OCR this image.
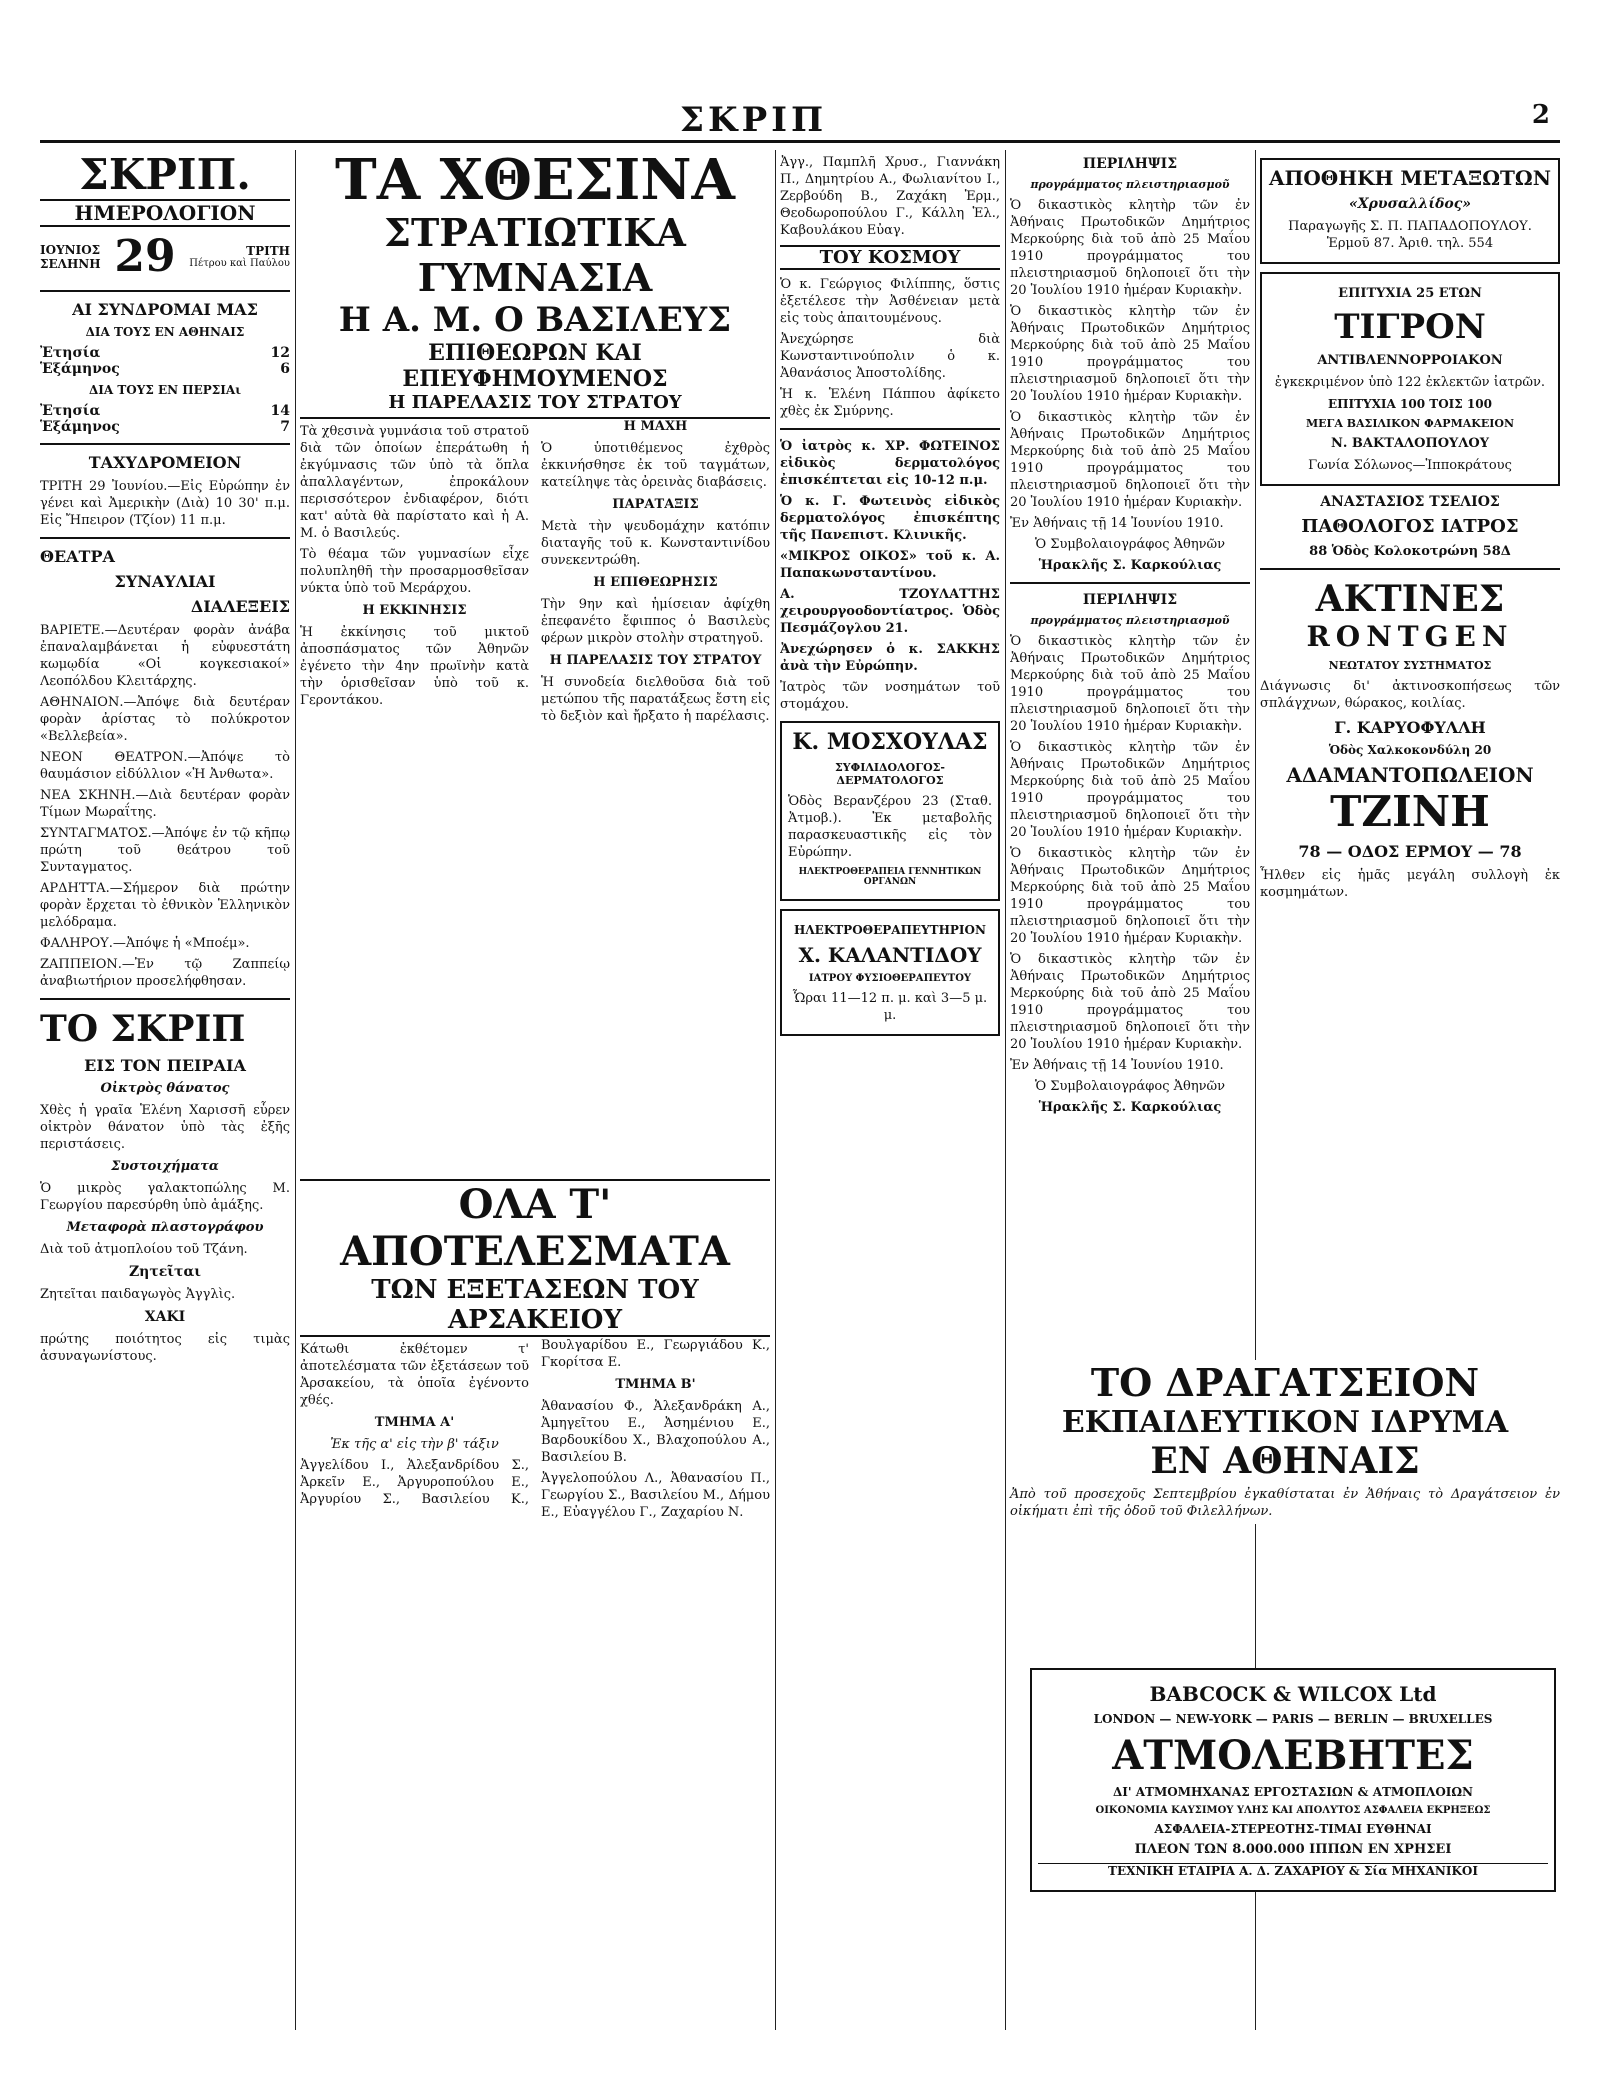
ΣΚΡΙΠ	2
ΣΚΡΙΠ.
ΗΜΕΡΟΛΟΓΙΟΝ
ΙΟΥΝΙΟΣ
ΣΕΛΗΝΗ 29	ΤΡΙΤΗ
Πέτρου καὶ Παύλου
ΑΙ ΣΥΝΔΡΟΜΑΙ ΜΑΣ
ΔΙΑ ΤΟΥΣ ΕΝ ΑΘΗΝΑΙΣ
Ἐτησία	12
Ἑξάμηνος	6
ΔΙΑ ΤΟΥΣ ΕΝ ΠΕΡΣΙΑι
Ἐτησία	14
Ἑξάμηνος	7
ΤΑΧΥΔΡΟΜΕΙΟΝ
ΤΡΙΤΗ 29 Ἰουνίου.—Εἰς Εὐρώπην ἐν γένει καὶ Ἀμερικὴν (Διὰ) 10 30' π.μ. Εἰς Ἤπειρον (Τζίον) 11 π.μ.
ΘΕΑΤΡΑ
ΣΥΝΑΥΛΙΑΙ
ΔΙΑΛΕΞΕΙΣ
ΒΑΡΙΕΤΕ.—Δευτέραν φορὰν ἀνάβα ἐπαναλαμβάνεται ἡ εὐφυεστάτη κωμῳδία «Οἱ κογκεσιακοί» Λεοπόλδου Κλειτάρχης.
ΑΘΗΝΑΙΟΝ.—Ἀπόψε διὰ δευτέραν φορὰν ἀρίστας τὸ πολύκροτον «Βελλεβεία».
ΝΕΟΝ ΘΕΑΤΡΟΝ.—Ἀπόψε τὸ θαυμάσιον εἰδύλλιον «Ἡ Ἀνθωτα».
ΝΕΑ ΣΚΗΝΗ.—Διὰ δευτέραν φορὰν Τίμων Μωραΐτης.
ΣΥΝΤΑΓΜΑΤΟΣ.—Ἀπόψε ἐν τῷ κῆπῳ πρώτη τοῦ θεάτρου τοῦ Συνταγματος.
ΑΡΔΗΤΤΑ.—Σήμερον διὰ πρώτην φορὰν ἔρχεται τὸ ἐθνικὸν Ἑλληνικὸν μελόδραμα.
ΦΑΛΗΡΟΥ.—Ἀπόψε ἡ «Μποέμ».
ΖΑΠΠΕΙΟΝ.—Ἐν τῷ Ζαππείῳ ἀναβιωτήριον προσελήφθησαν.
ΤΟ ΣΚΡΙΠ
ΕΙΣ ΤΟΝ ΠΕΙΡΑΙΑ
Οἰκτρὸς θάνατος
Χθὲς ἡ γραῖα Ἑλένη Χαρισσῆ εὗρεν οἰκτρὸν θάνατον ὑπὸ τὰς ἐξῆς περιστάσεις.
Συστοιχήματα
Ὁ μικρὸς γαλακτοπώλης Μ. Γεωργίου παρεσύρθη ὑπὸ ἁμάξης.
Μεταφορὰ πλαστογράφου
Διὰ τοῦ ἀτμοπλοίου τοῦ Τζάνη.
Ζητεῖται
Ζητεῖται παιδαγωγὸς Ἀγγλὶς.
ΧΑΚΙ
πρώτης ποιότητος εἰς τιμὰς ἀσυναγωνίστους.
ΤΑ ΧΘΕΣΙΝΑ
ΣΤΡΑΤΙΩΤΙΚΑ ΓΥΜΝΑΣΙΑ
Η Α. Μ. Ο ΒΑΣΙΛΕΥΣ
ΕΠΙΘΕΩΡΩΝ ΚΑΙ ΕΠΕΥΦΗΜΟΥΜΕΝΟΣ
Η ΠΑΡΕΛΑΣΙΣ ΤΟΥ ΣΤΡΑΤΟΥ
Τὰ χθεσινὰ γυμνάσια τοῦ στρατοῦ διὰ τῶν ὁποίων ἐπεράτωθη ἡ ἐκγύμνασις τῶν ὑπὸ τὰ ὅπλα ἀπαλλαγέντων, ἐπροκάλουν περισσότερον ἐνδιαφέρον, διότι κατ' αὐτὰ θὰ παρίστατο καὶ ἡ Α. Μ. ὁ Βασιλεύς.
Τὸ θέαμα τῶν γυμνασίων εἶχε πολυπληθῆ τὴν προσαρμοσθεῖσαν νύκτα ὑπὸ τοῦ Μεράρχου.
Η ΕΚΚΙΝΗΣΙΣ
Ἡ ἐκκίνησις τοῦ μικτοῦ ἀποσπάσματος τῶν Ἀθηνῶν ἐγένετο τὴν 4ην πρωϊνὴν κατὰ τὴν ὁρισθεῖσαν ὑπὸ τοῦ κ. Γεροντάκου.
Η ΜΑΧΗ
Ὁ ὑποτιθέμενος ἐχθρὸς ἐκκινήσθησε ἐκ τοῦ ταγμάτων, κατείληψε τὰς ὀρεινὰς διαβάσεις.
ΠΑΡΑΤΑΞΙΣ
Μετὰ τὴν ψευδομάχην κατόπιν διαταγῆς τοῦ κ. Κωνσταντινίδου συνεκεντρώθη.
Η ΕΠΙΘΕΩΡΗΣΙΣ
Τὴν 9ην καὶ ἡμίσειαν ἀφίχθη ἐπεφανέτο ἔφιππος ὁ Βασιλεὺς φέρων μικρὸν στολὴν στρατηγοῦ.
Η ΠΑΡΕΛΑΣΙΣ ΤΟΥ ΣΤΡΑΤΟΥ
Ἡ συνοδεία διελθοῦσα διὰ τοῦ μετώπου τῆς παρατάξεως ἔστη εἰς τὸ δεξιὸν καὶ ἤρξατο ἡ παρέλασις.
ΟΛΑ Τ' ΑΠΟΤΕΛΕΣΜΑΤΑ
ΤΩΝ ΕΞΕΤΑΣΕΩΝ ΤΟΥ ΑΡΣΑΚΕΙΟΥ
Κάτωθι ἐκθέτομεν τ' ἀποτελέσματα τῶν ἐξετάσεων τοῦ Ἀρσακείου, τὰ ὁποῖα ἐγένοντο χθές.
ΤΜΗΜΑ Α'
Ἐκ τῆς α' εἰς τὴν β' τάξιν
Ἀγγελίδου Ι., Ἀλεξανδρίδου Σ., Ἀρκεῖν Ε., Ἀργυροπούλου Ε., Ἀργυρίου Σ., Βασιλείου Κ., Βουλγαρίδου Ε., Γεωργιάδου Κ., Γκορίτσα Ε.
ΤΜΗΜΑ Β'
Ἀθανασίου Φ., Ἀλεξανδράκη Α., Ἀμηγεῖτου Ε., Ἀσημένιου Ε., Βαρδουκίδου Χ., Βλαχοπούλου Α., Βασιλείου Β.
Ἀγγελοπούλου Λ., Ἀθανασίου Π., Γεωργίου Σ., Βασιλείου Μ., Δήμου Ε., Εὐαγγέλου Γ., Ζαχαρίου Ν.
Ἀγγ., Παμπλῆ Χρυσ., Γιαννάκη Π., Δημητρίου Α., Φωλιανίτου Ι., Ζερβούδη Β., Ζαχάκη Ἑρμ., Θεοδωροπούλου Γ., Κάλλη Ἑλ., Καβουλάκου Εὐαγ.
ΤΟΥ ΚΟΣΜΟΥ
Ὁ κ. Γεώργιος Φιλίππης, ὅστις ἐξετέλεσε τὴν Ἀσθένειαν μετὰ εἰς τοὺς ἀπαιτουμένους.
Ἀνεχώρησε διὰ Κωνσταντινούπολιν ὁ κ. Ἀθανάσιος Ἀποστολίδης.
Ἡ κ. Ἑλένη Πάππου ἀφίκετο χθὲς ἐκ Σμύρνης.
Ὁ ἰατρὸς κ. ΧΡ. ΦΩΤΕΙΝΟΣ εἰδικὸς δερματολόγος ἐπισκέπτεται εἰς 10-12 π.μ.
Ὁ κ. Γ. Φωτεινὸς εἰδικὸς δερματολόγος ἐπισκέπτης τῆς Πανεπιστ. Κλινικῆς.
«ΜΙΚΡΟΣ ΟΙΚΟΣ» τοῦ κ. Α. Παπακωνσταντίνου.
Α. ΤΖΟΥΛΑΤΤΗΣ χειρουργοοδοντίατρος. Ὁδὸς Πεσμάζογλου 21.
Ἀνεχώρησεν ὁ κ. ΣΑΚΚΗΣ ἀνὰ τὴν Εὐρώπην.
Ἰατρὸς τῶν νοσημάτων τοῦ στομάχου.
Κ. ΜΟΣΧΟΥΛΑΣ
ΣΥΦΙΛΙΔΟΛΟΓΟΣ-ΔΕΡΜΑΤΟΛΟΓΟΣ
Ὁδὸς Βερανζέρου 23 (Σταθ. Ἀτμοβ.). Ἐκ μεταβολῆς παρασκευαστικῆς εἰς τὸν Εὐρώπην.
ΗΛΕΚΤΡΟΘΕΡΑΠΕΙΑ ΓΕΝΝΗΤΙΚΩΝ ΟΡΓΑΝΩΝ
ΗΛΕΚΤΡΟΘΕΡΑΠΕΥΤΗΡΙΟΝ
Χ. ΚΑΛΑΝΤΙΔΟΥ
ΙΑΤΡΟΥ ΦΥΣΙΟΘΕΡΑΠΕΥΤΟΥ
Ὧραι 11—12 π. μ. καὶ 3—5 μ. μ.
ΠΕΡΙΛΗΨΙΣ
προγράμματος πλειστηριασμοῦ
Ὁ δικαστικὸς κλητὴρ τῶν ἐν Ἀθήναις Πρωτοδικῶν Δημήτριος Μερκούρης διὰ τοῦ ἀπὸ 25 Μαΐου 1910 προγράμματος του πλειστηριασμοῦ δηλοποιεῖ ὅτι τὴν 20 Ἰουλίου 1910 ἡμέραν Κυριακὴν.
Ὁ δικαστικὸς κλητὴρ τῶν ἐν Ἀθήναις Πρωτοδικῶν Δημήτριος Μερκούρης διὰ τοῦ ἀπὸ 25 Μαΐου 1910 προγράμματος του πλειστηριασμοῦ δηλοποιεῖ ὅτι τὴν 20 Ἰουλίου 1910 ἡμέραν Κυριακὴν.
Ὁ δικαστικὸς κλητὴρ τῶν ἐν Ἀθήναις Πρωτοδικῶν Δημήτριος Μερκούρης διὰ τοῦ ἀπὸ 25 Μαΐου 1910 προγράμματος του πλειστηριασμοῦ δηλοποιεῖ ὅτι τὴν 20 Ἰουλίου 1910 ἡμέραν Κυριακὴν.
Ἐν Ἀθήναις τῇ 14 Ἰουνίου 1910.
Ὁ Συμβολαιογράφος Ἀθηνῶν
Ἡρακλῆς Σ. Καρκούλιας
ΠΕΡΙΛΗΨΙΣ
προγράμματος πλειστηριασμοῦ
Ὁ δικαστικὸς κλητὴρ τῶν ἐν Ἀθήναις Πρωτοδικῶν Δημήτριος Μερκούρης διὰ τοῦ ἀπὸ 25 Μαΐου 1910 προγράμματος του πλειστηριασμοῦ δηλοποιεῖ ὅτι τὴν 20 Ἰουλίου 1910 ἡμέραν Κυριακὴν.
Ὁ δικαστικὸς κλητὴρ τῶν ἐν Ἀθήναις Πρωτοδικῶν Δημήτριος Μερκούρης διὰ τοῦ ἀπὸ 25 Μαΐου 1910 προγράμματος του πλειστηριασμοῦ δηλοποιεῖ ὅτι τὴν 20 Ἰουλίου 1910 ἡμέραν Κυριακὴν.
Ὁ δικαστικὸς κλητὴρ τῶν ἐν Ἀθήναις Πρωτοδικῶν Δημήτριος Μερκούρης διὰ τοῦ ἀπὸ 25 Μαΐου 1910 προγράμματος του πλειστηριασμοῦ δηλοποιεῖ ὅτι τὴν 20 Ἰουλίου 1910 ἡμέραν Κυριακὴν.
Ὁ δικαστικὸς κλητὴρ τῶν ἐν Ἀθήναις Πρωτοδικῶν Δημήτριος Μερκούρης διὰ τοῦ ἀπὸ 25 Μαΐου 1910 προγράμματος του πλειστηριασμοῦ δηλοποιεῖ ὅτι τὴν 20 Ἰουλίου 1910 ἡμέραν Κυριακὴν.
Ἐν Ἀθήναις τῇ 14 Ἰουνίου 1910.
Ὁ Συμβολαιογράφος Ἀθηνῶν
Ἡρακλῆς Σ. Καρκούλιας
ΑΠΟΘΗΚΗ ΜΕΤΑΞΩΤΩΝ
«Χρυσαλλίδος»
Παραγωγῆς Σ. Π. ΠΑΠΑΔΟΠΟΥΛΟΥ. Ἑρμοῦ 87. Ἀριθ. τηλ. 554
ΕΠΙΤΥΧΙΑ 25 ΕΤΩΝ
ΤΙΓΡΟΝ
ΑΝΤΙΒΛΕΝΝΟΡΡΟΙΑΚΟΝ
ἐγκεκριμένον ὑπὸ 122 ἐκλεκτῶν ἰατρῶν.
ΕΠΙΤΥΧΙΑ 100 ΤΟΙΣ 100
ΜΕΓΑ ΒΑΣΙΛΙΚΟΝ ΦΑΡΜΑΚΕΙΟΝ
Ν. ΒΑΚΤΑΛΟΠΟΥΛΟΥ
Γωνία Σόλωνος—Ἱπποκράτους
ΑΝΑΣΤΑΣΙΟΣ ΤΣΕΛΙΟΣ
ΠΑΘΟΛΟΓΟΣ ΙΑΤΡΟΣ
88 Ὁδὸς Κολοκοτρώνη 58Δ
ΑΚΤΙΝΕΣ
RONTGEN
ΝΕΩΤΑΤΟΥ ΣΥΣΤΗΜΑΤΟΣ
Διάγνωσις δι' ἀκτινοσκοπήσεως τῶν σπλάγχνων, θώρακος, κοιλίας.
Γ. ΚΑΡΥΟΦΥΛΛΗ
Ὁδὸς Χαλκοκονδύλη 20
ΑΔΑΜΑΝΤΟΠΩΛΕΙΟΝ
ΤΖΙΝΗ
78 — ΟΔΟΣ ΕΡΜΟΥ — 78
Ἦλθεν εἰς ἡμᾶς μεγάλη συλλογὴ ἐκ κοσμημάτων.
ΤΟ ΔΡΑΓΑΤΣΕΙΟΝ
ΕΚΠΑΙΔΕΥΤΙΚΟΝ ΙΔΡΥΜΑ
ΕΝ ΑΘΗΝΑΙΣ
Ἀπὸ τοῦ προσεχοῦς Σεπτεμβρίου ἐγκαθίσταται ἐν Ἀθήναις τὸ Δραγάτσειον ἐν οἰκήματι ἐπὶ τῆς ὁδοῦ τοῦ Φιλελλήνων.
BABCOCK & WILCOX Ltd
LONDON — NEW-YORK — PARIS — BERLIN — BRUXELLES
ΑΤΜΟΛΕΒΗΤΕΣ
ΔΙ' ΑΤΜΟΜΗΧΑΝΑΣ ΕΡΓΟΣΤΑΣΙΩΝ & ΑΤΜΟΠΛΟΙΩΝ
ΟΙΚΟΝΟΜΙΑ ΚΑΥΣΙΜΟΥ ΥΛΗΣ ΚΑΙ ΑΠΟΛΥΤΟΣ ΑΣΦΑΛΕΙΑ ΕΚΡΗΞΕΩΣ
ΑΣΦΑΛΕΙΑ-ΣΤΕΡΕΟΤΗΣ-ΤΙΜΑΙ ΕΥΘΗΝΑΙ
ΠΛΕΟΝ ΤΩΝ 8.000.000 ΙΠΠΩΝ ΕΝ ΧΡΗΣΕΙ
ΤΕΧΝΙΚΗ ΕΤΑΙΡΙΑ Α. Δ. ΖΑΧΑΡΙΟΥ & Σία ΜΗΧΑΝΙΚΟΙ
